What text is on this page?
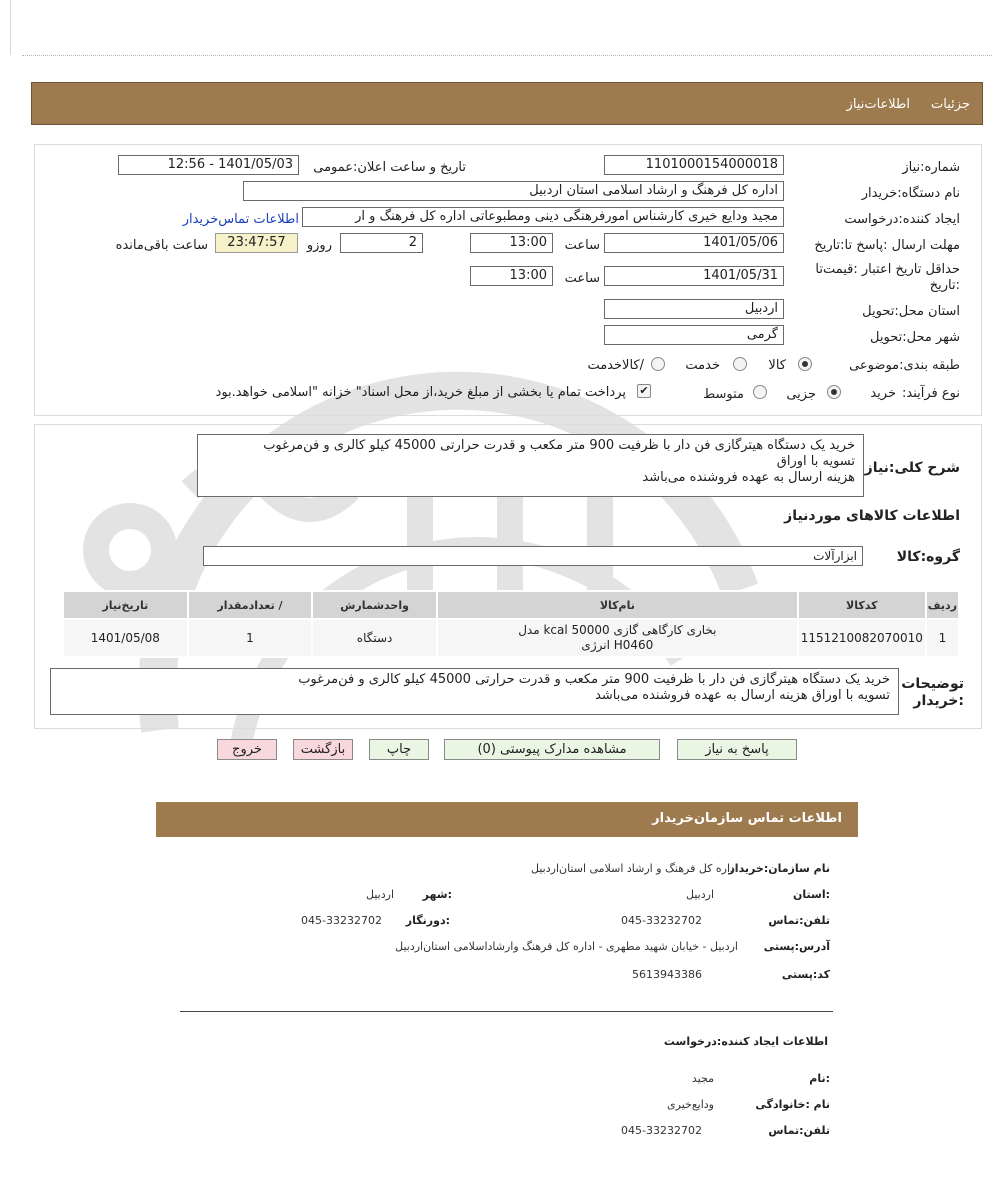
جزئیات
اطلاعات‌نیاز
شماره:نیاز
1101000154000018
تاریخ و ساعت اعلان:عمومی
1401/05/03 - 12:56
نام دستگاه:خریدار
اداره کل فرهنگ و ارشاد اسلامی استان اردبیل
ایجاد کننده:درخواست
مجید ودایع خیری کارشناس امورفرهنگی دینی ومطبوعاتی اداره کل فرهنگ و ار
اطلاعات تماس‌خریدار
مهلت ارسال :پاسخ تا:تاریخ
1401/05/06
ساعت
13:00
2
روزو
23:47:57
ساعت باقی‌مانده
حداقل تاریخ اعتبار :قیمت‌تا
:تاریخ
1401/05/31
ساعت
13:00
استان محل:تحویل
اردبیل
شهر محل:تحویل
گرمی
طبقه بندی:موضوعی
کالا
خدمت
/کالاخدمت
نوع فرآیند:
خرید
جزیی
متوسط
✔
پرداخت تمام یا بخشی از مبلغ خرید،از محل اسناد" خزانه "اسلامی خواهد.بود
شرح کلی:نیاز
خرید یک دستگاه هیترگازی فن دار با ظرفیت 900 متر مکعب و قدرت حرارتی 45000 کیلو کالری و فن‌مرغوب
تسویه با اوراق
هزینه ارسال به عهده فروشنده می‌باشد
اطلاعات کالاهای مورد‌نیاز
گروه:کالا
ابزارآلات
ردیف	کدکالا	نام‌کالا	واحدشمارش	/ تعدادمقدار	تاریخ‌نیاز
1	1151210082070010	بخاری کارگاهی گازی 50000 kcal مدل
H0460 انرژی	دستگاه	1	1401/05/08
توضیحات
:خریدار
خرید یک دستگاه هیترگازی فن دار با ظرفیت 900 متر مکعب و قدرت حرارتی 45000 کیلو کالری و فن‌مرغوب
تسویه با اوراق هزینه ارسال به عهده فروشنده می‌باشد
پاسخ به نیاز
مشاهده مدارک پیوستی (0)
چاپ
بازگشت
خروج
اطلاعات تماس سازمان‌خریدار
نام سازمان:خریدار
اداره کل فرهنگ و ارشاد اسلامی استان‌اردبیل
:استان
اردبیل
:شهر
اردبیل
تلفن:تماس
045-33232702
:دورنگار
045-33232702
آدرس:پستی
اردبیل - خیابان شهید مطهری - اداره کل فرهنگ وارشاداسلامی استان‌اردبیل
کد:پستی
5613943386
اطلاعات ایجاد کننده:درخواست
:نام
مجید
نام :خانوادگی
ودایع‌خیری
تلفن:تماس
045-33232702
